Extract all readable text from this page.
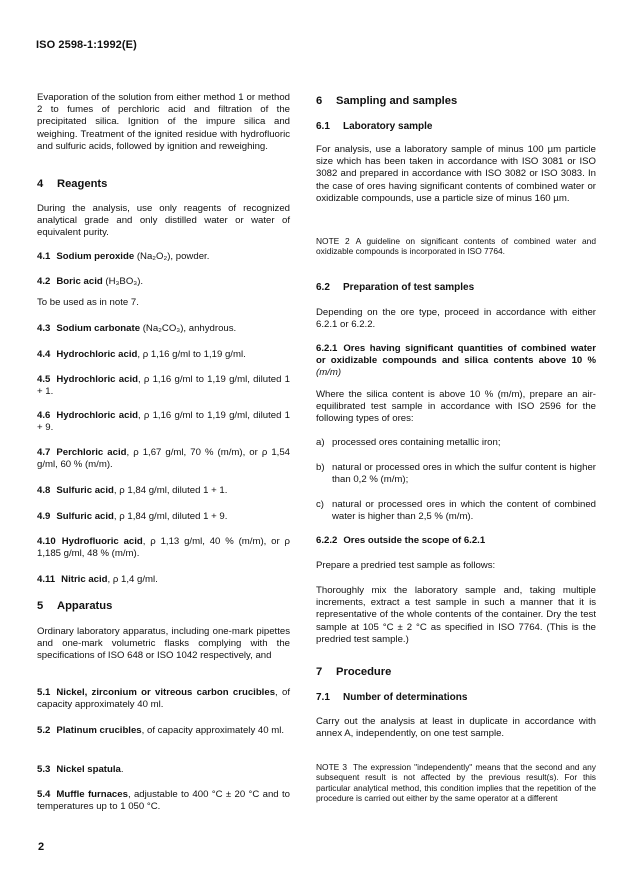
ISO 2598-1:1992(E)

Evaporation of the solution from either method 1 or method 2 to fumes of perchloric acid and filtration of the precipitated silica. Ignition of the impure silica and weighing. Treatment of the ignited residue with hydrofluoric and sulfuric acids, followed by ignition and reweighing.

4 Reagents

During the analysis, use only reagents of recognized analytical grade and only distilled water or water of equivalent purity.

4.1 Sodium peroxide (Na₂O₂), powder.

4.2 Boric acid (H₃BO₃).

To be used as in note 7.

4.3 Sodium carbonate (Na₂CO₃), anhydrous.

4.4 Hydrochloric acid, ρ 1,16 g/ml to 1,19 g/ml.

4.5 Hydrochloric acid, ρ 1,16 g/ml to 1,19 g/ml, diluted 1 + 1.

4.6 Hydrochloric acid, ρ 1,16 g/ml to 1,19 g/ml, diluted 1 + 9.

4.7 Perchloric acid, ρ 1,67 g/ml, 70 % (m/m), or ρ 1,54 g/ml, 60 % (m/m).

4.8 Sulfuric acid, ρ 1,84 g/ml, diluted 1 + 1.

4.9 Sulfuric acid, ρ 1,84 g/ml, diluted 1 + 9.

4.10 Hydrofluoric acid, ρ 1,13 g/ml, 40 % (m/m), or ρ 1,185 g/ml, 48 % (m/m).

4.11 Nitric acid, ρ 1,4 g/ml.

5 Apparatus

Ordinary laboratory apparatus, including one-mark pipettes and one-mark volumetric flasks complying with the specifications of ISO 648 or ISO 1042 respectively, and

5.1 Nickel, zirconium or vitreous carbon crucibles, of capacity approximately 40 ml.

5.2 Platinum crucibles, of capacity approximately 40 ml.

5.3 Nickel spatula.

5.4 Muffle furnaces, adjustable to 400 °C ± 20 °C and to temperatures up to 1 050 °C.

6 Sampling and samples

6.1 Laboratory sample

For analysis, use a laboratory sample of minus 100 µm particle size which has been taken in accordance with ISO 3081 or ISO 3082 and prepared in accordance with ISO 3082 or ISO 3083. In the case of ores having significant contents of combined water or oxidizable compounds, use a particle size of minus 160 µm.

NOTE 2 A guideline on significant contents of combined water and oxidizable compounds is incorporated in ISO 7764.

6.2 Preparation of test samples

Depending on the ore type, proceed in accordance with either 6.2.1 or 6.2.2.

6.2.1 Ores having significant quantities of combined water or oxidizable compounds and silica contents above 10 % (m/m)

Where the silica content is above 10 % (m/m), prepare an air-equilibrated test sample in accordance with ISO 2596 for the following types of ores:

a) processed ores containing metallic iron;

b) natural or processed ores in which the sulfur content is higher than 0,2 % (m/m);

c) natural or processed ores in which the content of combined water is higher than 2,5 % (m/m).

6.2.2 Ores outside the scope of 6.2.1

Prepare a predried test sample as follows:

Thoroughly mix the laboratory sample and, taking multiple increments, extract a test sample in such a manner that it is representative of the whole contents of the container. Dry the test sample at 105 °C ± 2 °C as specified in ISO 7764. (This is the predried test sample.)

7 Procedure

7.1 Number of determinations

Carry out the analysis at least in duplicate in accordance with annex A, independently, on one test sample.

NOTE 3 The expression "independently" means that the second and any subsequent result is not affected by the previous result(s). For this particular analytical method, this condition implies that the repetition of the procedure is carried out either by the same operator at a different

2
